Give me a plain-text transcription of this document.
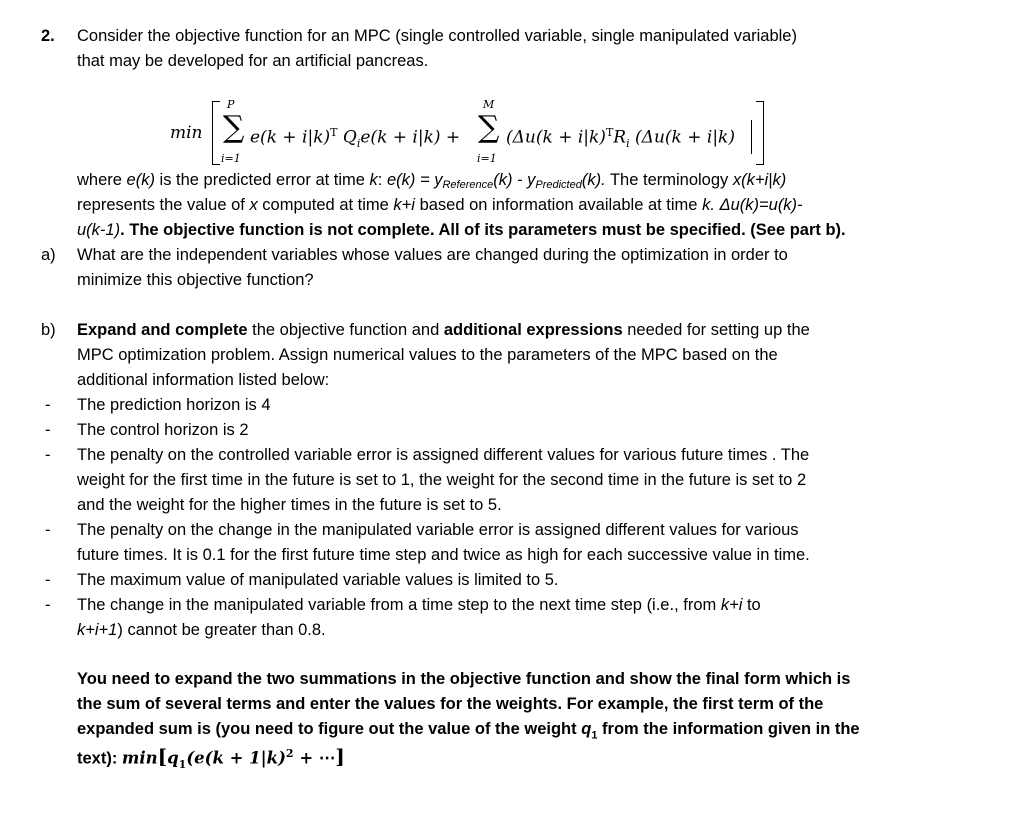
2. Consider the objective function for an MPC (single controlled variable, single manipulated variable)
that may be developed for an artificial pancreas.
min
P
∑
i=1
$e(k + i|k)^T$ $Q_ie(k + i|k)$ +
M
∑
i=1
($\Delta u(k + i|k)^TR_i$ (Δu(k + i|k)
where e(k) is the predicted error at time k: $e(k) = y_{Reference}(k) - y_{Predicted}(k)$. The terminology x(k+i|k)
represents the value of x computed at time k+i based on information available at time k. Δu(k)=u(k)-
u(k-1). The objective function is not complete. All of its parameters must be specified. (See part b).
a) What are the independent variables whose values are changed during the optimization in order to
minimize this objective function?
b) Expand and complete the objective function and additional expressions needed for setting up the
MPC optimization problem. Assign numerical values to the parameters of the MPC based on the
additional information listed below:
- The prediction horizon is 4
- The control horizon is 2
- The penalty on the controlled variable error is assigned different values for various future times . The
weight for the first time in the future is set to 1, the weight for the second time in the future is set to 2
and the weight for the higher times in the future is set to 5.
- The penalty on the change in the manipulated variable error is assigned different values for various
future times. It is 0.1 for the first future time step and twice as high for each successive value in time.
- The maximum value of manipulated variable values is limited to 5.
- The change in the manipulated variable from a time step to the next time step (i.e., from k+i to
k+i+1) cannot be greater than 0.8.
You need to expand the two summations in the objective function and show the final form which is
the sum of several terms and enter the values for the weights. For example, the first term of the
expanded sum is (you need to figure out the value of the weight $q_1$ from the information given in the
text): $\min[q_1(e(k + 1|k)^2$ + ⋯]
